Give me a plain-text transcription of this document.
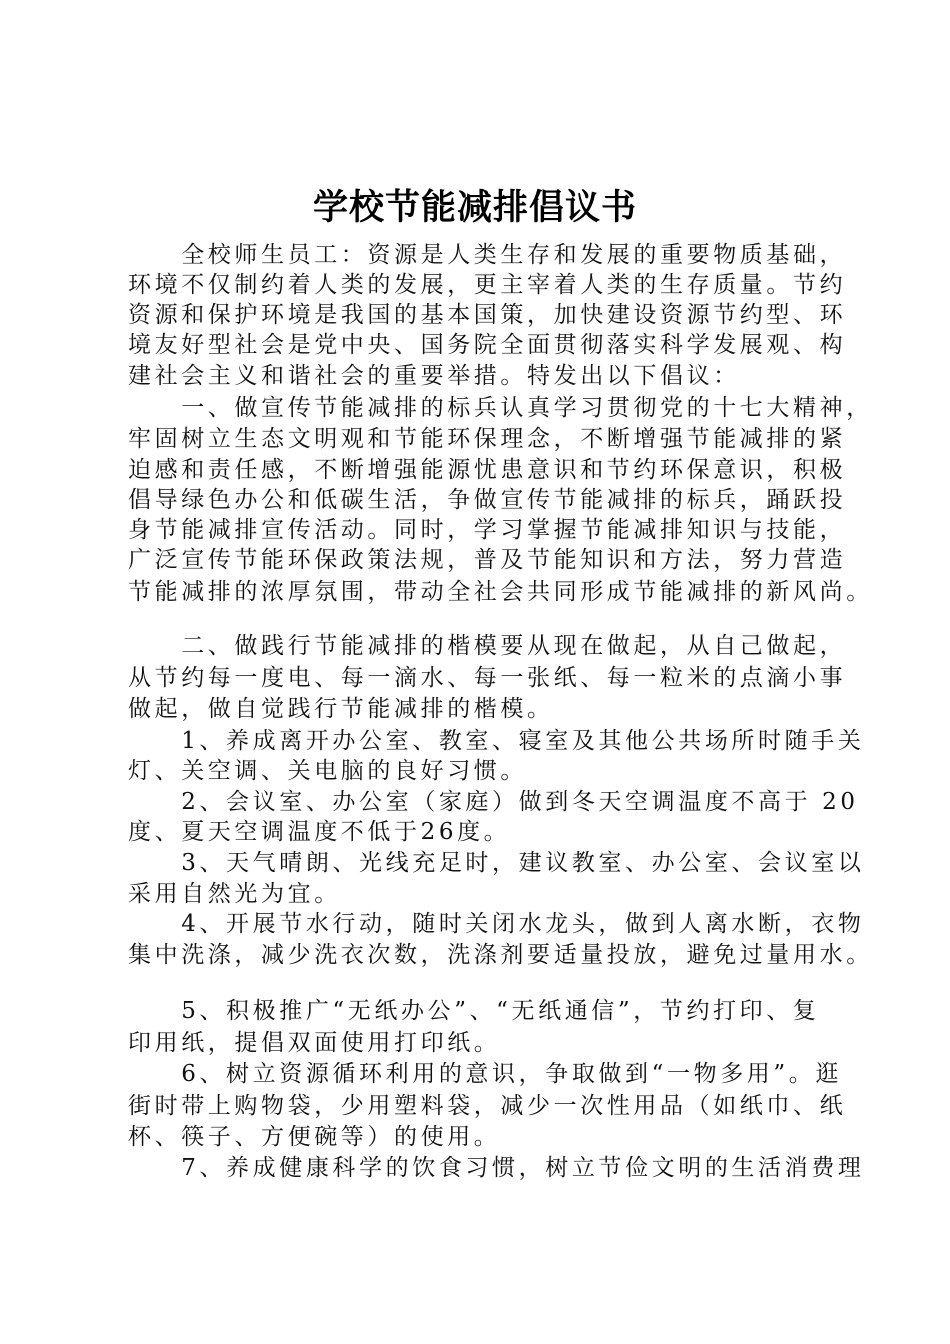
学校节能减排倡议书
　　全校师生员工：资源是人类生存和发展的重要物质基础，
环境不仅制约着人类的发展，更主宰着人类的生存质量。节约
资源和保护环境是我国的基本国策，加快建设资源节约型、环
境友好型社会是党中央、国务院全面贯彻落实科学发展观、构
建社会主义和谐社会的重要举措。特发出以下倡议：
　　一、做宣传节能减排的标兵认真学习贯彻党的十七大精神，
牢固树立生态文明观和节能环保理念，不断增强节能减排的紧
迫感和责任感，不断增强能源忧患意识和节约环保意识，积极
倡导绿色办公和低碳生活，争做宣传节能减排的标兵，踊跃投
身节能减排宣传活动。同时，学习掌握节能减排知识与技能，
广泛宣传节能环保政策法规，普及节能知识和方法，努力营造
节能减排的浓厚氛围，带动全社会共同形成节能减排的新风尚。
　　二、做践行节能减排的楷模要从现在做起，从自己做起，
从节约每一度电、每一滴水、每一张纸、每一粒米的点滴小事
做起，做自觉践行节能减排的楷模。
　　1、养成离开办公室、教室、寝室及其他公共场所时随手关
灯、关空调、关电脑的良好习惯。
　　2、会议室、办公室（家庭）做到冬天空调温度不高于 20
度、夏天空调温度不低于26度。
　　3、天气晴朗、光线充足时，建议教室、办公室、会议室以
采用自然光为宜。
　　4、开展节水行动，随时关闭水龙头，做到人离水断，衣物
集中洗涤，减少洗衣次数，洗涤剂要适量投放，避免过量用水。
　　5、积极推广“无纸办公”、“无纸通信”，节约打印、复
印用纸，提倡双面使用打印纸。
　　6、树立资源循环利用的意识，争取做到“一物多用”。逛
街时带上购物袋，少用塑料袋，减少一次性用品（如纸巾、纸
杯、筷子、方便碗等）的使用。
　　7、养成健康科学的饮食习惯，树立节俭文明的生活消费理
